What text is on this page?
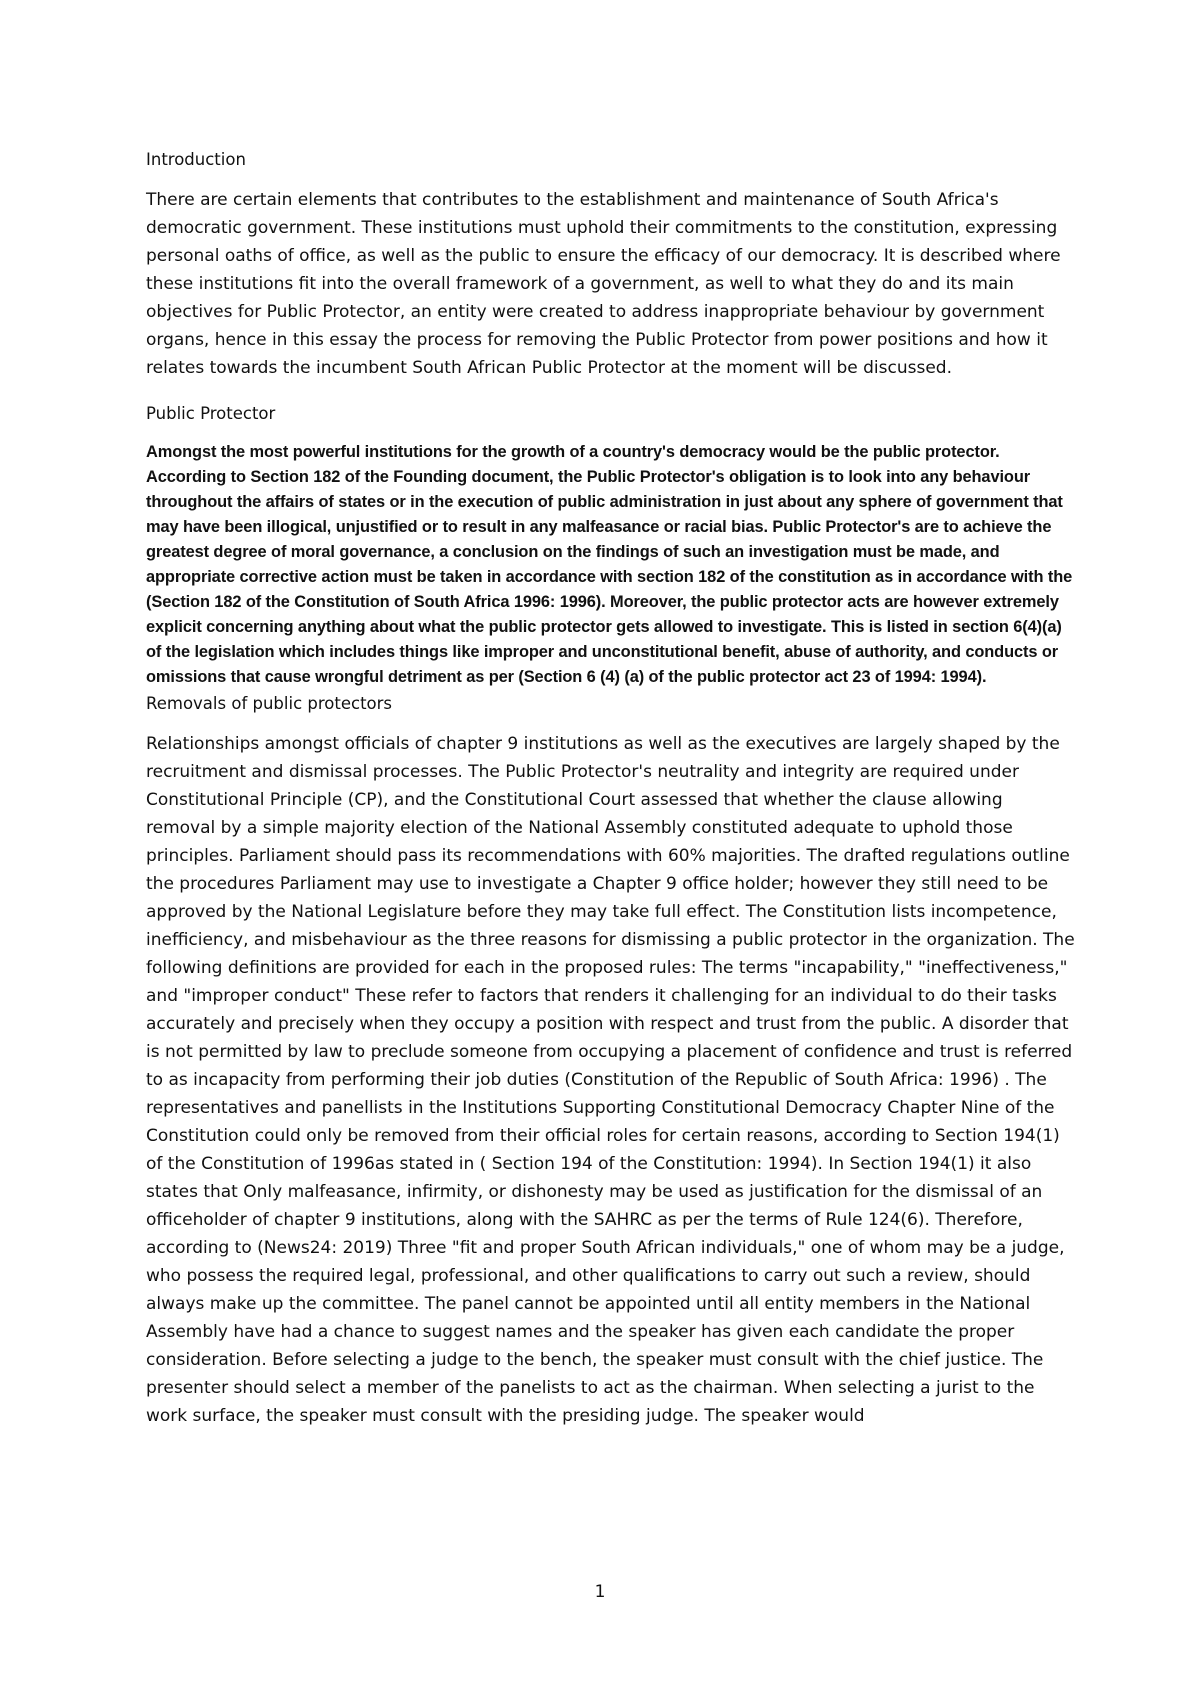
Introduction

There are certain elements that contributes to the establishment and maintenance of South Africa's democratic government. These institutions must uphold their commitments to the constitution, expressing personal oaths of office, as well as the public to ensure the efficacy of our democracy. It is described where these institutions fit into the overall framework of a government, as well to what they do and its main objectives for Public Protector, an entity were created to address inappropriate behaviour by government organs, hence in this essay the process for removing the Public Protector from power positions and how it relates towards the incumbent South African Public Protector at the moment will be discussed.

Public Protector

Amongst the most powerful institutions for the growth of a country's democracy would be the public protector. According to Section 182 of the Founding document, the Public Protector's obligation is to look into any behaviour throughout the affairs of states or in the execution of public administration in just about any sphere of government that may have been illogical, unjustified or to result in any malfeasance or racial bias. Public Protector's are to achieve the greatest degree of moral governance, a conclusion on the findings of such an investigation must be made, and appropriate corrective action must be taken in accordance with section 182 of the constitution as in accordance with the (Section 182 of the Constitution of South Africa 1996: 1996). Moreover, the public protector acts are however extremely explicit concerning anything about what the public protector gets allowed to investigate. This is listed in section 6(4)(a) of the legislation which includes things like improper and unconstitutional benefit, abuse of authority, and conducts or omissions that cause wrongful detriment as per (Section 6 (4) (a) of the public protector act 23 of 1994: 1994).

Removals of public protectors

Relationships amongst officials of chapter 9 institutions as well as the executives are largely shaped by the recruitment and dismissal processes. The Public Protector's neutrality and integrity are required under Constitutional Principle (CP), and the Constitutional Court assessed that whether the clause allowing removal by a simple majority election of the National Assembly constituted adequate to uphold those principles. Parliament should pass its recommendations with 60% majorities. The drafted regulations outline the procedures Parliament may use to investigate a Chapter 9 office holder; however they still need to be approved by the National Legislature before they may take full effect. The Constitution lists incompetence, inefficiency, and misbehaviour as the three reasons for dismissing a public protector in the organization. The following definitions are provided for each in the proposed rules: The terms "incapability," "ineffectiveness," and "improper conduct" These refer to factors that renders it challenging for an individual to do their tasks accurately and precisely when they occupy a position with respect and trust from the public. A disorder that is not permitted by law to preclude someone from occupying a placement of confidence and trust is referred to as incapacity from performing their job duties (Constitution of the Republic of South Africa: 1996) . The representatives and panellists in the Institutions Supporting Constitutional Democracy Chapter Nine of the Constitution could only be removed from their official roles for certain reasons, according to Section 194(1) of the Constitution of 1996as stated in ( Section 194 of the Constitution: 1994). In Section 194(1) it also states that Only malfeasance, infirmity, or dishonesty may be used as justification for the dismissal of an officeholder of chapter 9 institutions, along with the SAHRC as per the terms of Rule 124(6). Therefore, according to (News24: 2019) Three "fit and proper South African individuals," one of whom may be a judge, who possess the required legal, professional, and other qualifications to carry out such a review, should always make up the committee. The panel cannot be appointed until all entity members in the National Assembly have had a chance to suggest names and the speaker has given each candidate the proper consideration. Before selecting a judge to the bench, the speaker must consult with the chief justice. The presenter should select a member of the panelists to act as the chairman. When selecting a jurist to the work surface, the speaker must consult with the presiding judge. The speaker would

1
